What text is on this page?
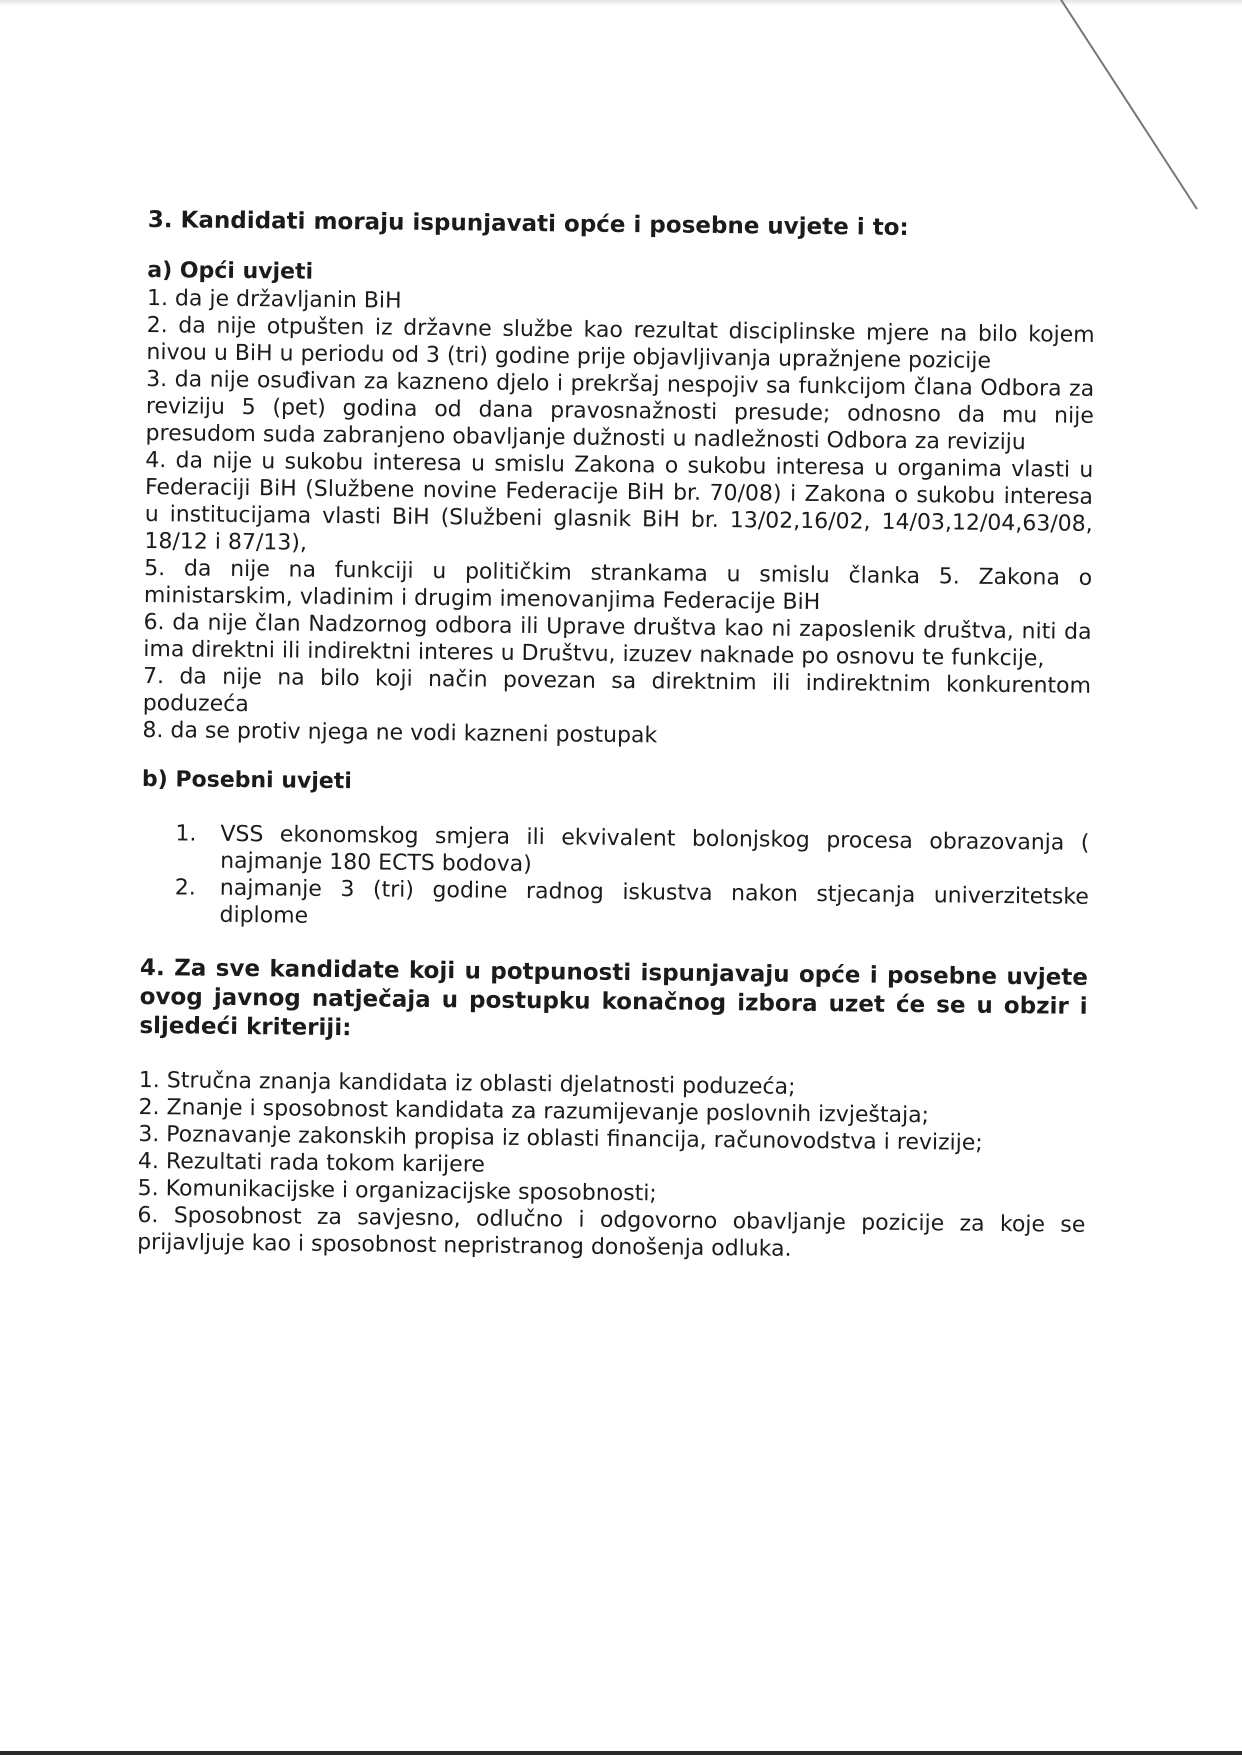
3. Kandidati moraju ispunjavati opće i posebne uvjete i to:
a) Opći uvjeti

1. da je državljanin BiH

2. da nije otpušten iz državne službe kao rezultat disciplinske mjere na bilo kojem nivou u BiH u periodu od 3 (tri) godine prije objavljivanja upražnjene pozicije

3. da nije osuđivan za kazneno djelo i prekršaj nespojiv sa funkcijom člana Odbora za reviziju 5 (pet) godina od dana pravosnažnosti presude; odnosno da mu nije presudom suda zabranjeno obavljanje dužnosti u nadležnosti Odbora za reviziju

4. da nije u sukobu interesa u smislu Zakona o sukobu interesa u organima vlasti u Federaciji BiH (Službene novine Federacije BiH br. 70/08) i Zakona o sukobu interesa u institucijama vlasti BiH (Službeni glasnik BiH br. 13/02,16/02, 14/03,12/04,63/08, 18/12 i 87/13),

5. da nije na funkciji u političkim strankama u smislu članka 5. Zakona o ministarskim, vladinim i drugim imenovanjima Federacije BiH

6. da nije član Nadzornog odbora ili Uprave društva kao ni zaposlenik društva, niti da ima direktni ili indirektni interes u Društvu, izuzev naknade po osnovu te funkcije,

7. da nije na bilo koji način povezan sa direktnim ili indirektnim konkurentom poduzeća

8. da se protiv njega ne vodi kazneni postupak

b) Posebni uvjeti
1.	VSS ekonomskog smjera ili ekvivalent bolonjskog procesa obrazovanja ( najmanje 180 ECTS bodova)
2.	najmanje 3 (tri) godine radnog iskustva nakon stjecanja univerzitetske diplome

4. Za sve kandidate koji u potpunosti ispunjavaju opće i posebne uvjete ovog javnog natječaja u postupku konačnog izbora uzet će se u obzir i sljedeći kriteriji:

1. Stručna znanja kandidata iz oblasti djelatnosti poduzeća;

2. Znanje i sposobnost kandidata za razumijevanje poslovnih izvještaja;

3. Poznavanje zakonskih propisa iz oblasti financija, računovodstva i revizije;

4. Rezultati rada tokom karijere

5. Komunikacijske i organizacijske sposobnosti;

6. Sposobnost za savjesno, odlučno i odgovorno obavljanje pozicije za koje se prijavljuje kao i sposobnost nepristranog donošenja odluka.
